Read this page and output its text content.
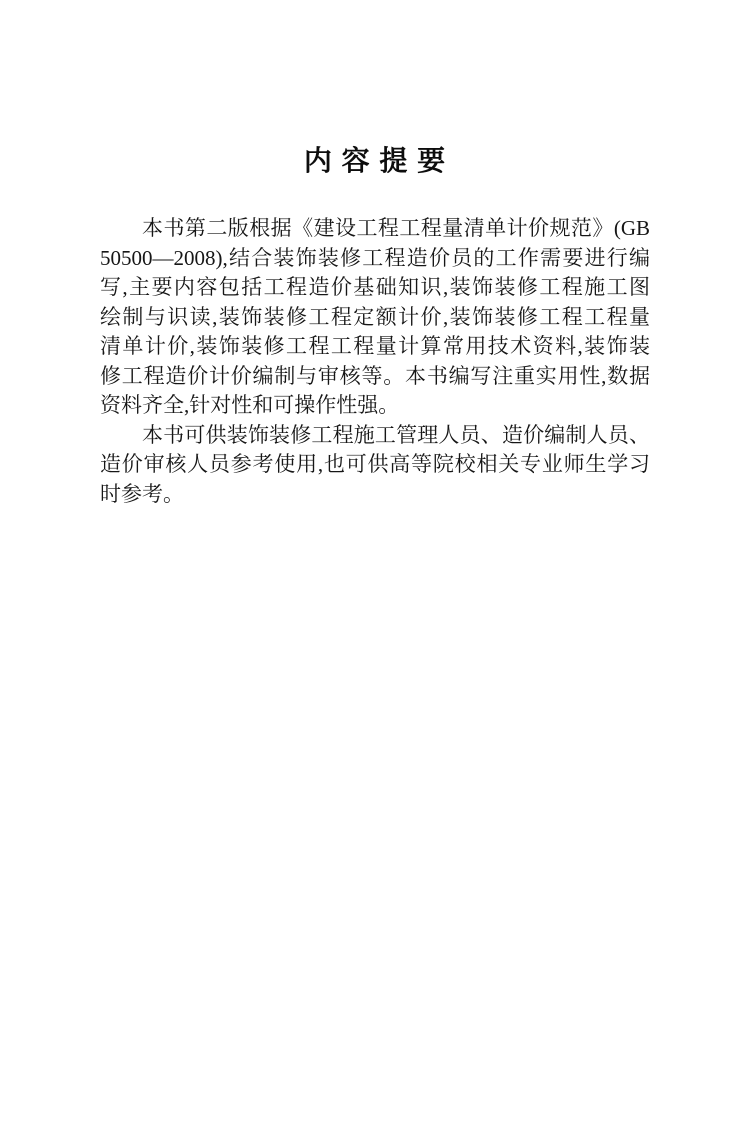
内 容 提 要
本书第二版根据《建设工程工程量清单计价规范》(GB
50500—2008),结合装饰装修工程造价员的工作需要进行编
写,主要内容包括工程造价基础知识,装饰装修工程施工图
绘制与识读,装饰装修工程定额计价,装饰装修工程工程量
清单计价,装饰装修工程工程量计算常用技术资料,装饰装
修工程造价计价编制与审核等。本书编写注重实用性,数据
资料齐全,针对性和可操作性强。
本书可供装饰装修工程施工管理人员、造价编制人员、
造价审核人员参考使用,也可供高等院校相关专业师生学习
时参考。
